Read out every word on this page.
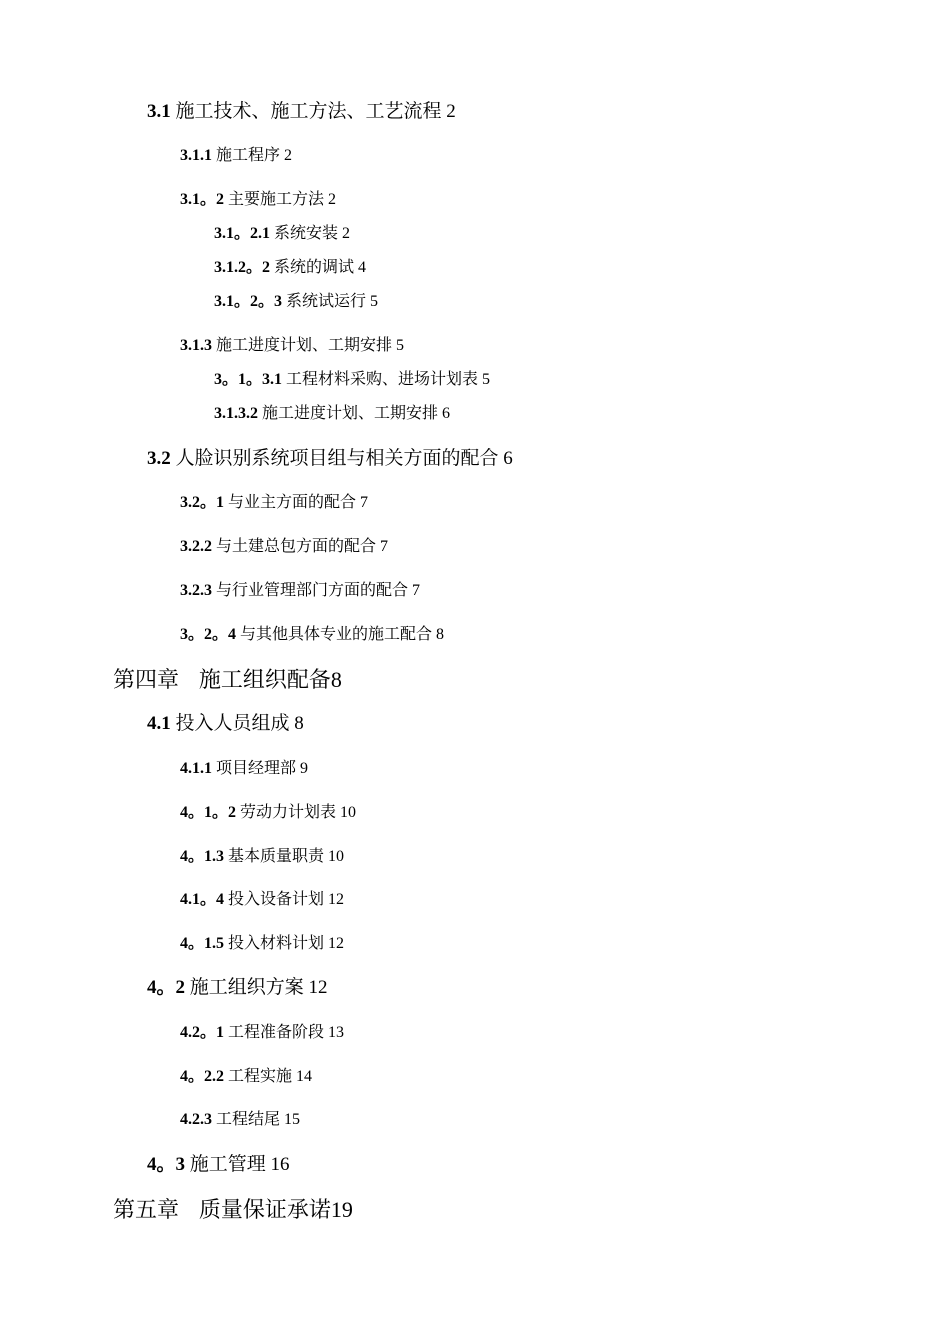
3.1 施工技术、施工方法、工艺流程 2
3.1.1 施工程序 2
3.1。2 主要施工方法 2
3.1。2.1 系统安装 2
3.1.2。2 系统的调试 4
3.1。2。3 系统试运行 5
3.1.3 施工进度计划、工期安排 5
3。1。3.1 工程材料采购、进场计划表 5
3.1.3.2 施工进度计划、工期安排 6
3.2 人脸识别系统项目组与相关方面的配合 6
3.2。1 与业主方面的配合 7
3.2.2 与土建总包方面的配合 7
3.2.3 与行业管理部门方面的配合 7
3。2。4 与其他具体专业的施工配合 8
第四章 施工组织配备8
4.1 投入人员组成 8
4.1.1 项目经理部 9
4。1。2 劳动力计划表 10
4。1.3 基本质量职责 10
4.1。4 投入设备计划 12
4。1.5 投入材料计划 12
4。2 施工组织方案 12
4.2。1 工程准备阶段 13
4。2.2 工程实施 14
4.2.3 工程结尾 15
4。3 施工管理 16
第五章 质量保证承诺19
